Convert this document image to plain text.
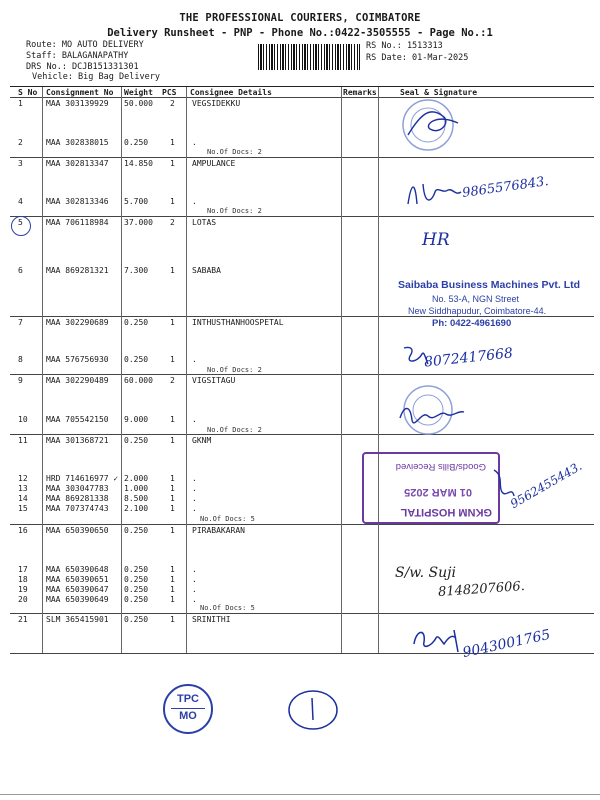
THE PROFESSIONAL COURIERS, COIMBATORE
Delivery Runsheet - PNP - Phone No.:0422-3505555 - Page No.:1
Route: MO AUTO DELIVERY
Staff: BALAGANAPATHY
DRS No.: DCJB151331301
Vehicle: Big Bag Delivery
RS No.: 1513313
RS Date: 01-Mar-2025
S No Consignment No Weight PCS Consignee Details	Remarks	Seal & Signature
1	MAA 303139929 50.000 2 VEGSIDEKKU
2	MAA 302838015 0.250	1 .
3	MAA 302813347 14.850 1 AMPULANCE
4	MAA 302813346 5.700	1 .
5	MAA 706118984 37.000 2 LOTAS
6	MAA 869281321 7.300	1 SABABA
7	MAA 302290689 0.250	1 INTHUSTHANHOOSPETAL
8	MAA 576756930 0.250	1 .
9	MAA 302290489 60.000 2 VIGSITAGU
10 MAA 705542150 9.000	1 .
11 MAA 301368721 0.250	1 GKNM
12 HRD 714616977 ✓ 2.000	1 .
13 MAA 303047783 1.000	1 .
14 MAA 869281338 8.500	1 .
15 MAA 707374743 2.100	1 .
16 MAA 650390650 0.250	1 PIRABAKARAN
17 MAA 650390648 0.250	1 .
18 MAA 650390651 0.250	1 .
19 MAA 650390647 0.250	1 .
20 MAA 650390649 0.250	1 .
21 SLM 365415901 0.250	1 SRINITHI
No.Of Docs: 2
No.Of Docs: 2
No.Of Docs: 2
No.Of Docs: 2
No.Of Docs: 5
No.Of Docs: 5
9865576843.
HR
Saibaba Business Machines Pvt. Ltd
No. 53-A, NGN Street
New Siddhapudur, Coimbatore-44.
Ph: 0422-4961690
8072417668
GKNM HOSPITAL
01 MAR 2025
Goods/Bills Received 9562455443.
S/w. Suji
8148207606.
9043001765
TPC
MO
